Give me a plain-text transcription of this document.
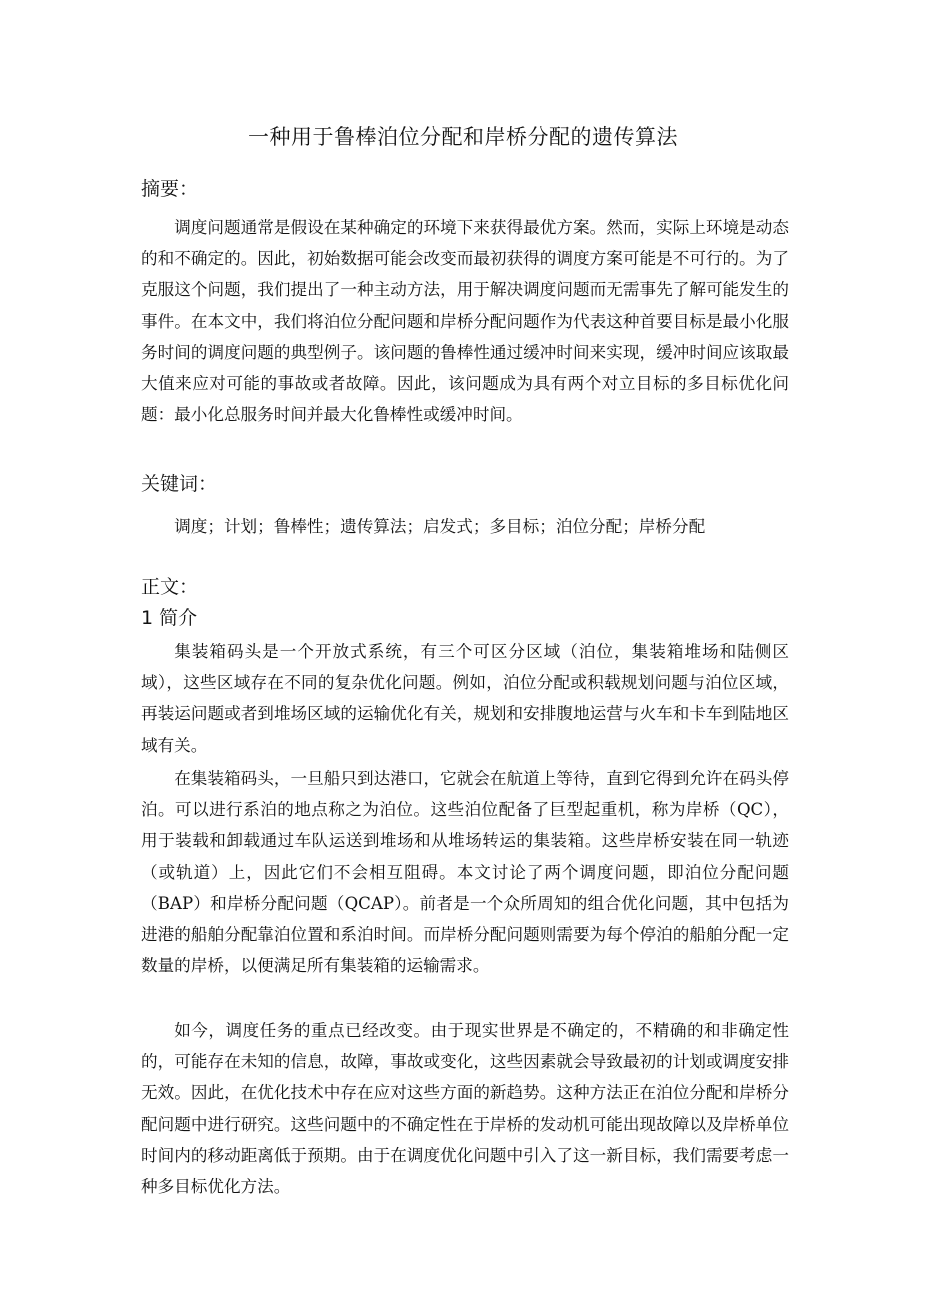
一种用于鲁棒泊位分配和岸桥分配的遗传算法
摘要：

调度问题通常是假设在某种确定的环境下来获得最优方案。然而，实际上环境是动态的和不确定的。因此，初始数据可能会改变而最初获得的调度方案可能是不可行的。为了克服这个问题，我们提出了一种主动方法，用于解决调度问题而无需事先了解可能发生的事件。在本文中，我们将泊位分配问题和岸桥分配问题作为代表这种首要目标是最小化服务时间的调度问题的典型例子。该问题的鲁棒性通过缓冲时间来实现，缓冲时间应该取最大值来应对可能的事故或者故障。因此，该问题成为具有两个对立目标的多目标优化问题：最小化总服务时间并最大化鲁棒性或缓冲时间。

关键词：

调度；计划；鲁棒性；遗传算法；启发式；多目标；泊位分配；岸桥分配

正文：
1 简介

集装箱码头是一个开放式系统，有三个可区分区域（泊位，集装箱堆场和陆侧区域），这些区域存在不同的复杂优化问题。例如，泊位分配或积载规划问题与泊位区域，再装运问题或者到堆场区域的运输优化有关，规划和安排腹地运营与火车和卡车到陆地区域有关。

在集装箱码头，一旦船只到达港口，它就会在航道上等待，直到它得到允许在码头停泊。可以进行系泊的地点称之为泊位。这些泊位配备了巨型起重机，称为岸桥（QC），用于装载和卸载通过车队运送到堆场和从堆场转运的集装箱。这些岸桥安装在同一轨迹（或轨道）上，因此它们不会相互阻碍。本文讨论了两个调度问题，即泊位分配问题（BAP）和岸桥分配问题（QCAP）。前者是一个众所周知的组合优化问题，其中包括为进港的船舶分配靠泊位置和系泊时间。而岸桥分配问题则需要为每个停泊的船舶分配一定数量的岸桥，以便满足所有集装箱的运输需求。

如今，调度任务的重点已经改变。由于现实世界是不确定的，不精确的和非确定性的，可能存在未知的信息，故障，事故或变化，这些因素就会导致最初的计划或调度安排无效。因此，在优化技术中存在应对这些方面的新趋势。这种方法正在泊位分配和岸桥分配问题中进行研究。这些问题中的不确定性在于岸桥的发动机可能出现故障以及岸桥单位时间内的移动距离低于预期。由于在调度优化问题中引入了这一新目标，我们需要考虑一种多目标优化方法。
